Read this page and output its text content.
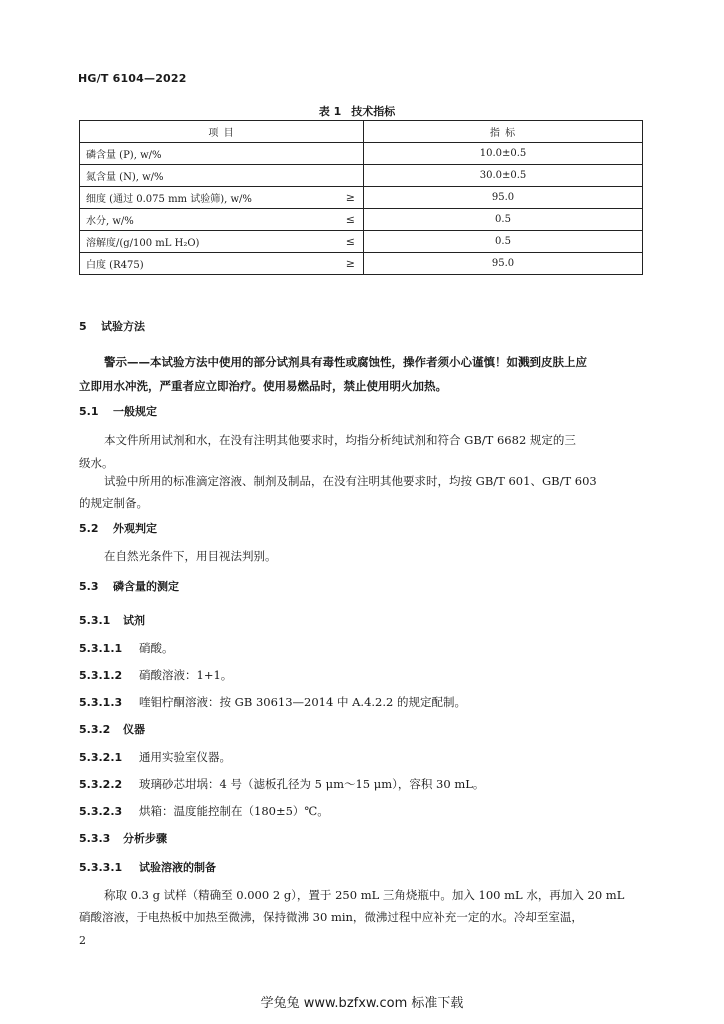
HG/T 6104—2022
表 1 技术指标
项 目		指 标
磷含量 (P), w/%		10.0±0.5
氮含量 (N), w/%		30.0±0.5
细度 (通过 0.075 mm 试验筛), w/%	≥	95.0
水分, w/%	≤	0.5
溶解度/(g/100 mL H₂O)	≤	0.5
白度 (R475)	≥	95.0
5 试验方法
警示——本试验方法中使用的部分试剂具有毒性或腐蚀性，操作者须小心谨慎！如溅到皮肤上应
立即用水冲洗，严重者应立即治疗。使用易燃品时，禁止使用明火加热。
5.1 一般规定
本文件所用试剂和水，在没有注明其他要求时，均指分析纯试剂和符合 GB/T 6682 规定的三
级水。
试验中所用的标准滴定溶液、制剂及制品，在没有注明其他要求时，均按 GB/T 601、GB/T 603
的规定制备。
5.2 外观判定
在自然光条件下，用目视法判别。
5.3 磷含量的测定
5.3.1 试剂
5.3.1.1 硝酸。
5.3.1.2 硝酸溶液：1+1。
5.3.1.3 喹钼柠酮溶液：按 GB 30613—2014 中 A.4.2.2 的规定配制。
5.3.2 仪器
5.3.2.1 通用实验室仪器。
5.3.2.2 玻璃砂芯坩埚：4 号（滤板孔径为 5 μm～15 μm），容积 30 mL。
5.3.2.3 烘箱：温度能控制在（180±5）℃。
5.3.3 分析步骤
5.3.3.1 试验溶液的制备
称取 0.3 g 试样（精确至 0.000 2 g），置于 250 mL 三角烧瓶中。加入 100 mL 水，再加入 20 mL
硝酸溶液，于电热板中加热至微沸，保持微沸 30 min，微沸过程中应补充一定的水。冷却至室温，
2
学兔兔 www.bzfxw.com 标准下载
